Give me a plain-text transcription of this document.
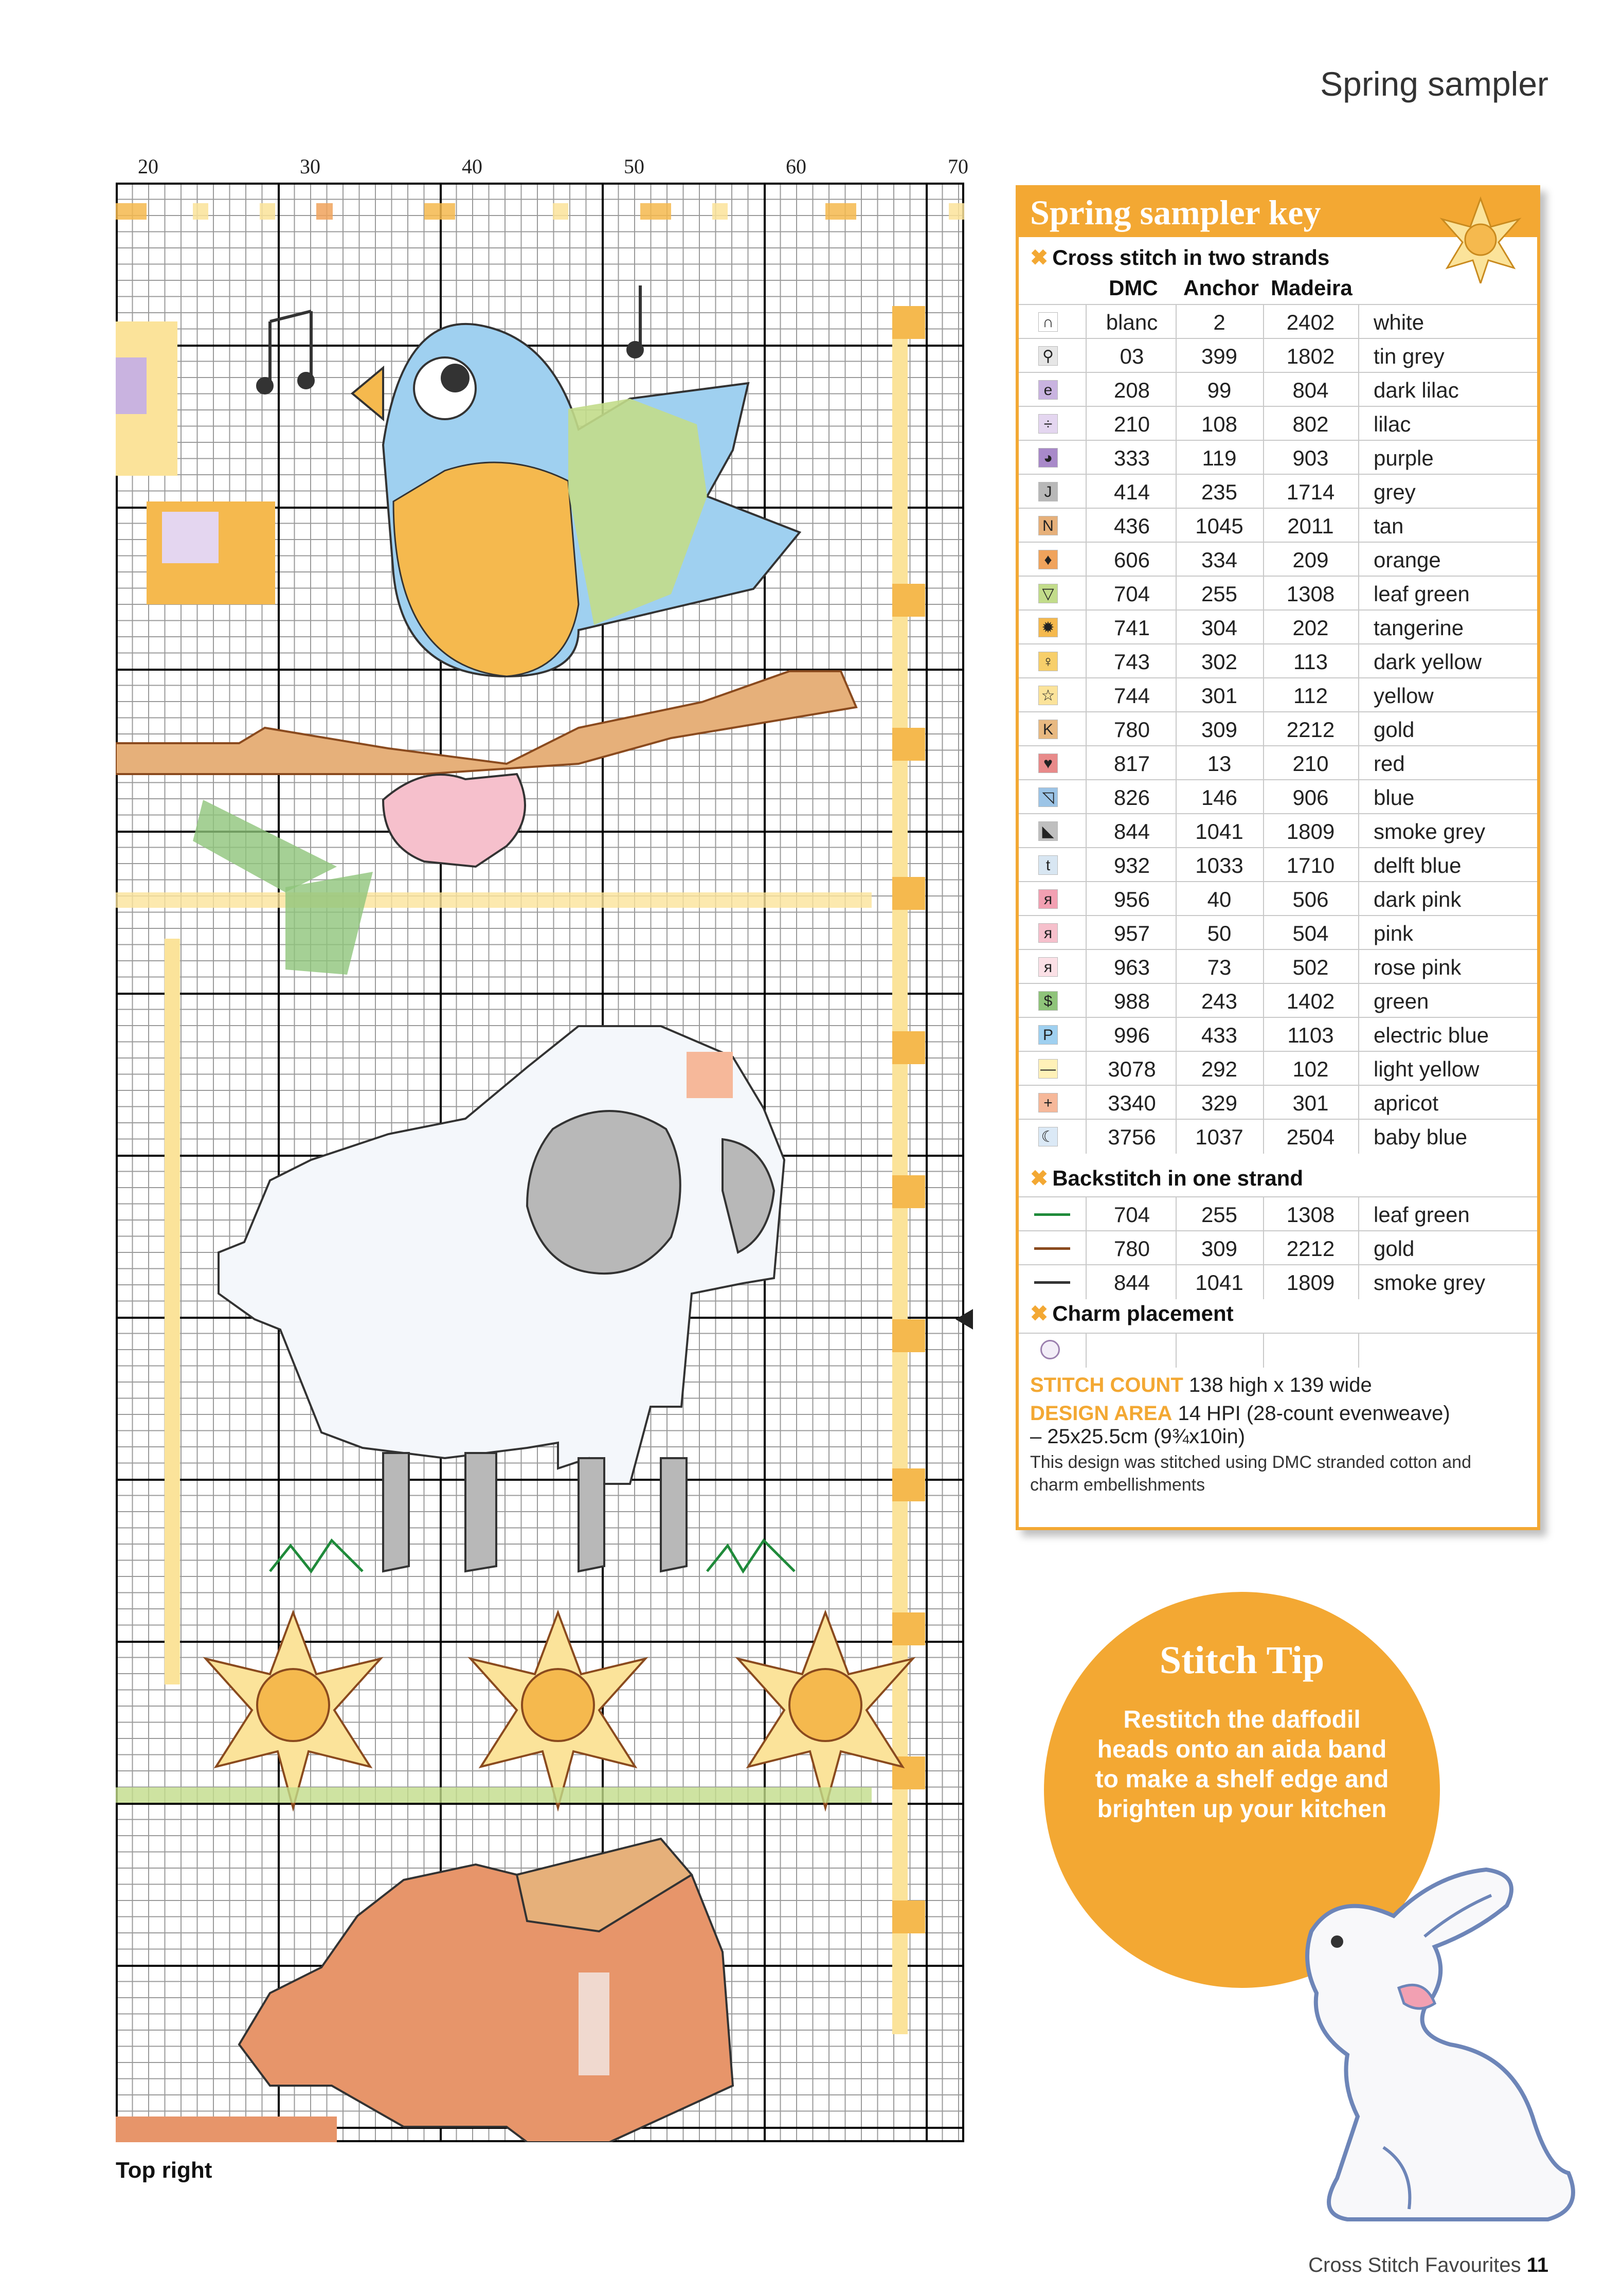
Spring sampler
20	30	40	50	60	70
Top right
Spring sampler key
✖ Cross stitch in two strands
DMC Anchor Madeira
∩	blanc	2	2402	white
⚲	03	399	1802	tin grey
e	208	99	804	dark lilac
÷	210	108	802	lilac
◕	333	119	903	purple
J	414	235	1714	grey
N	436	1045	2011	tan
♦	606	334	209	orange
▽	704	255	1308	leaf green
✹	741	304	202	tangerine
♀	743	302	113	dark yellow
☆	744	301	112	yellow
K	780	309	2212	gold
♥	817	13	210	red
◹	826	146	906	blue
◣	844	1041	1809	smoke grey
t	932	1033	1710	delft blue
ᴙ	956	40	506	dark pink
ᴙ	957	50	504	pink
ᴙ	963	73	502	rose pink
$	988	243	1402	green
P	996	433	1103	electric blue
—	3078	292	102	light yellow
+	3340	329	301	apricot
☾	3756	1037	2504	baby blue
✖ Backstitch in one strand
704	255	1308	leaf green
780	309	2212	gold
844	1041	1809	smoke grey
✖ Charm placement
STITCH COUNT 138 high x 139 wide
DESIGN AREA 14 HPI (28-count evenweave)
– 25x25.5cm (9¾x10in)
This design was stitched using DMC stranded cotton and charm embellishments
Stitch Tip
Restitch the daffodil heads onto an aida band to make a shelf edge and brighten up your kitchen
Cross Stitch Favourites 11
